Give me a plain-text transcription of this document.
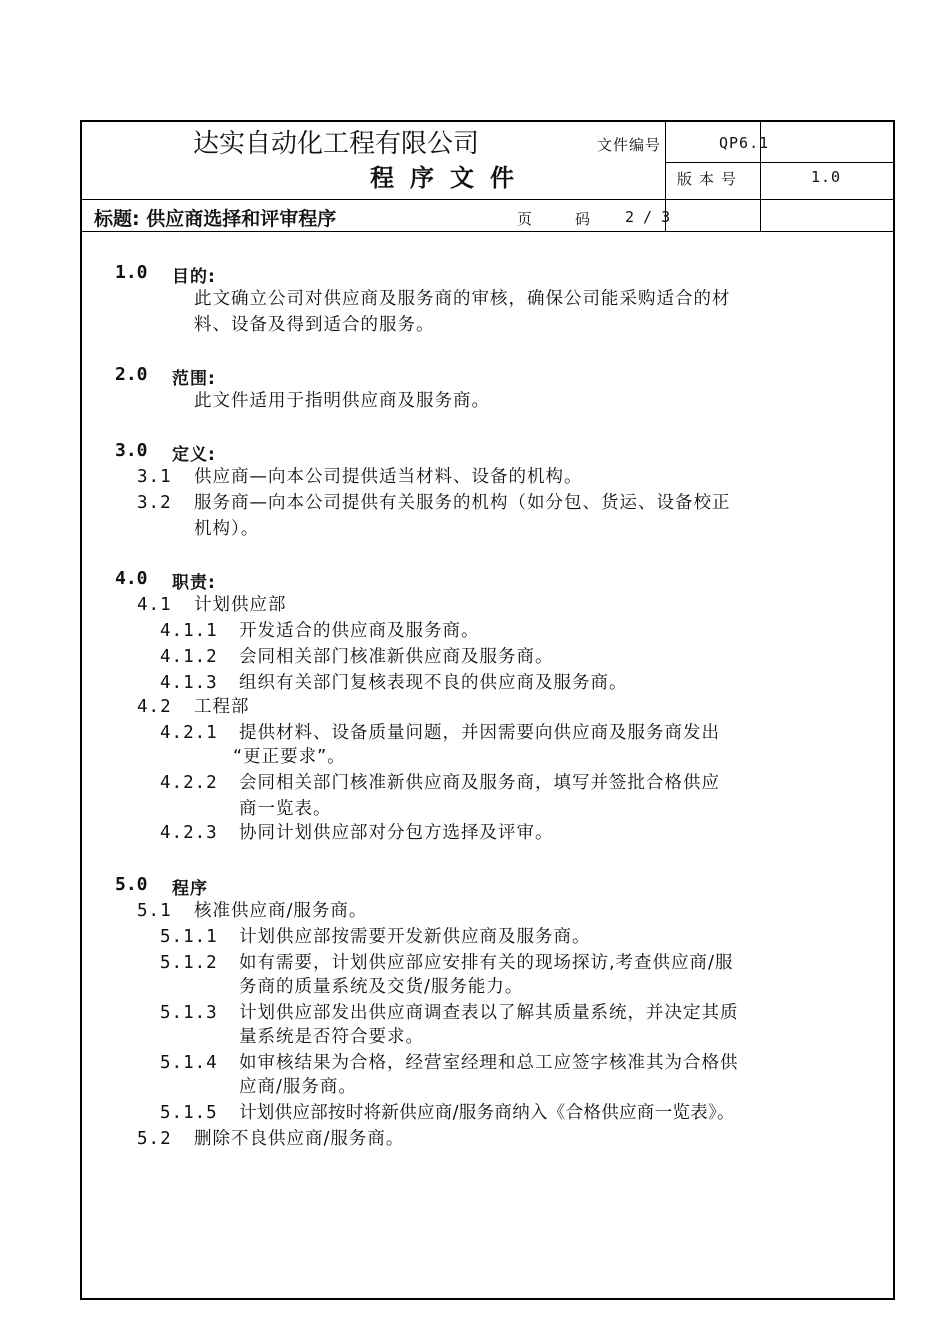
达实自动化工程有限公司
程序文件
文件编号	QP6.1
版本号	1.0
标题: 供应商选择和评审程序	页	码 2 / 3
1.0 目的:
此文确立公司对供应商及服务商的审核，确保公司能采购适合的材
料、设备及得到适合的服务。
2.0 范围:
此文件适用于指明供应商及服务商。
3.0 定义:
3.1 供应商—向本公司提供适当材料、设备的机构。
3.2 服务商—向本公司提供有关服务的机构（如分包、货运、设备校正
机构）。
4.0 职责:
4.1 计划供应部
4.1.1 开发适合的供应商及服务商。
4.1.2 会同相关部门核准新供应商及服务商。
4.1.3 组织有关部门复核表现不良的供应商及服务商。
4.2 工程部
4.2.1 提供材料、设备质量问题，并因需要向供应商及服务商发出
“更正要求”。
4.2.2 会同相关部门核准新供应商及服务商，填写并签批合格供应
商一览表。
4.2.3 协同计划供应部对分包方选择及评审。
5.0 程序
5.1 核准供应商/服务商。
5.1.1 计划供应部按需要开发新供应商及服务商。
5.1.2 如有需要，计划供应部应安排有关的现场探访,考查供应商/服
务商的质量系统及交货/服务能力。
5.1.3 计划供应部发出供应商调查表以了解其质量系统，并决定其质
量系统是否符合要求。
5.1.4 如审核结果为合格，经营室经理和总工应签字核准其为合格供
应商/服务商。
5.1.5 计划供应部按时将新供应商/服务商纳入《合格供应商一览表》。
5.2 删除不良供应商/服务商。
